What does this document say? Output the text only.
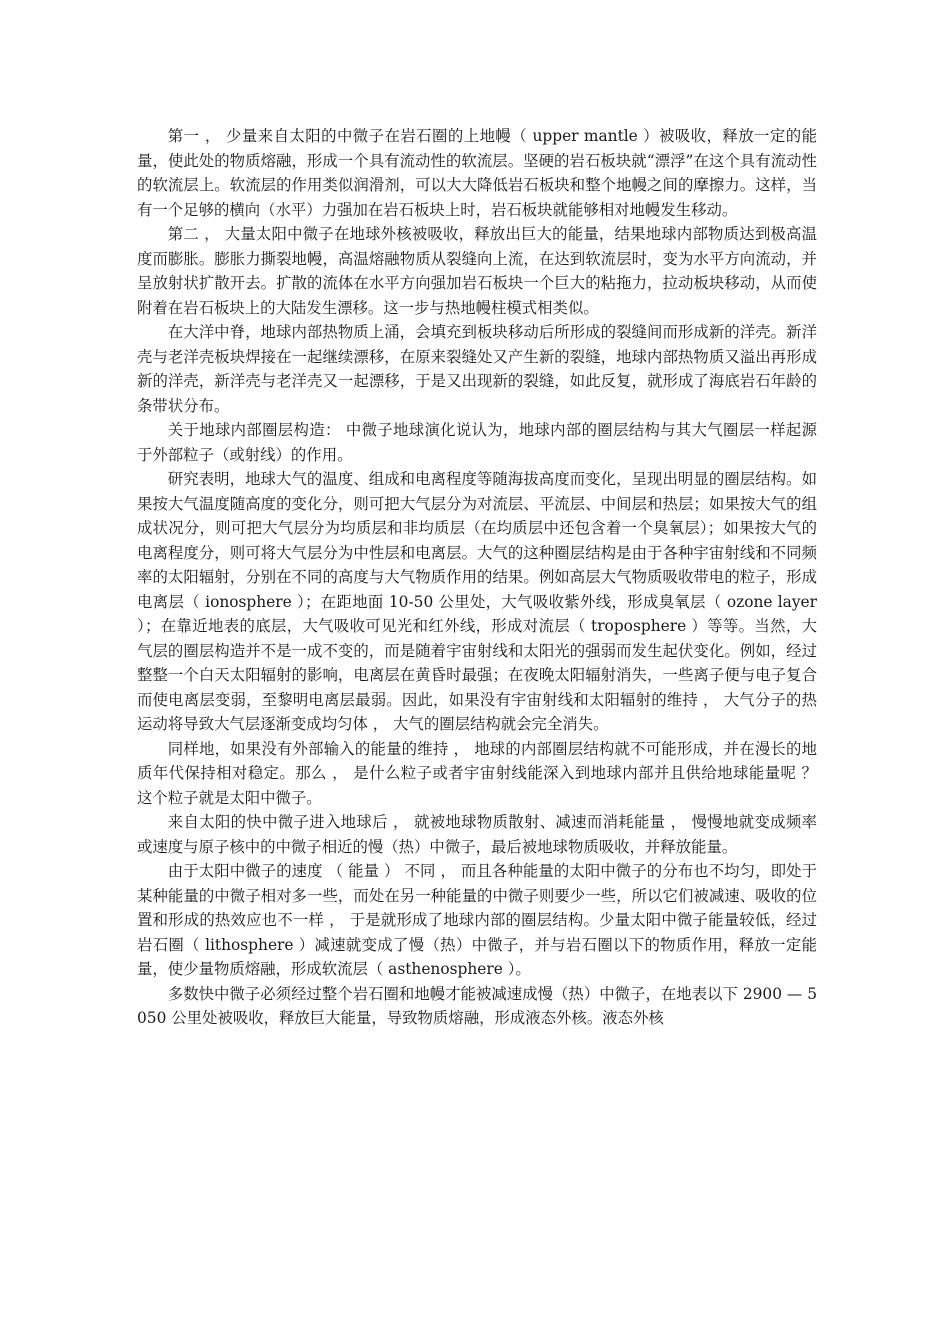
第一 ， 少量来自太阳的中微子在岩石圈的上地幔（ upper mantle ）被吸收，释放一定的能量，使此处的物质熔融，形成一个具有流动性的软流层。坚硬的岩石板块就“漂浮”在这个具有流动性的软流层上。软流层的作用类似润滑剂，可以大大降低岩石板块和整个地幔之间的摩擦力。这样，当有一个足够的横向（水平）力强加在岩石板块上时，岩石板块就能够相对地幔发生移动。

第二 ， 大量太阳中微子在地球外核被吸收，释放出巨大的能量，结果地球内部物质达到极高温度而膨胀。膨胀力撕裂地幔，高温熔融物质从裂缝向上流，在达到软流层时，变为水平方向流动，并呈放射状扩散开去。扩散的流体在水平方向强加岩石板块一个巨大的粘拖力，拉动板块移动，从而使附着在岩石板块上的大陆发生漂移。这一步与热地幔柱模式相类似。

在大洋中脊，地球内部热物质上涌，会填充到板块移动后所形成的裂缝间而形成新的洋壳。新洋壳与老洋壳板块焊接在一起继续漂移，在原来裂缝处又产生新的裂缝，地球内部热物质又溢出再形成新的洋壳，新洋壳与老洋壳又一起漂移，于是又出现新的裂缝，如此反复，就形成了海底岩石年龄的条带状分布。

关于地球内部圈层构造： 中微子地球演化说认为，地球内部的圈层结构与其大气圈层一样起源于外部粒子（或射线）的作用。

研究表明，地球大气的温度、组成和电离程度等随海拔高度而变化，呈现出明显的圈层结构。如果按大气温度随高度的变化分，则可把大气层分为对流层、平流层、中间层和热层；如果按大气的组成状况分，则可把大气层分为均质层和非均质层（在均质层中还包含着一个臭氧层）；如果按大气的电离程度分，则可将大气层分为中性层和电离层。大气的这种圈层结构是由于各种宇宙射线和不同频率的太阳辐射，分别在不同的高度与大气物质作用的结果。例如高层大气物质吸收带电的粒子，形成电离层（ ionosphere ）；在距地面 10-50 公里处，大气吸收紫外线，形成臭氧层（ ozone layer ）；在靠近地表的底层，大气吸收可见光和红外线，形成对流层（ troposphere ）等等。当然，大气层的圈层构造并不是一成不变的，而是随着宇宙射线和太阳光的强弱而发生起伏变化。例如，经过整整一个白天太阳辐射的影响，电离层在黄昏时最强；在夜晚太阳辐射消失，一些离子便与电子复合而使电离层变弱，至黎明电离层最弱。因此，如果没有宇宙射线和太阳辐射的维持 ， 大气分子的热运动将导致大气层逐渐变成均匀体 ， 大气的圈层结构就会完全消失。

同样地，如果没有外部输入的能量的维持 ， 地球的内部圈层结构就不可能形成，并在漫长的地质年代保持相对稳定。那么 ， 是什么粒子或者宇宙射线能深入到地球内部并且供给地球能量呢 ？ 这个粒子就是太阳中微子。

来自太阳的快中微子进入地球后 ， 就被地球物质散射、减速而消耗能量 ， 慢慢地就变成频率或速度与原子核中的中微子相近的慢（热）中微子，最后被地球物质吸收，并释放能量。

由于太阳中微子的速度 （ 能量 ） 不同 ， 而且各种能量的太阳中微子的分布也不均匀，即处于某种能量的中微子相对多一些，而处在另一种能量的中微子则要少一些，所以它们被减速、吸收的位置和形成的热效应也不一样 ， 于是就形成了地球内部的圈层结构。少量太阳中微子能量较低，经过岩石圈（ lithosphere ）减速就变成了慢（热）中微子，并与岩石圈以下的物质作用，释放一定能量，使少量物质熔融，形成软流层（ asthenosphere ）。

多数快中微子必须经过整个岩石圈和地幔才能被减速成慢（热）中微子，在地表以下 2900 — 5050 公里处被吸收，释放巨大能量，导致物质熔融，形成液态外核。液态外核
